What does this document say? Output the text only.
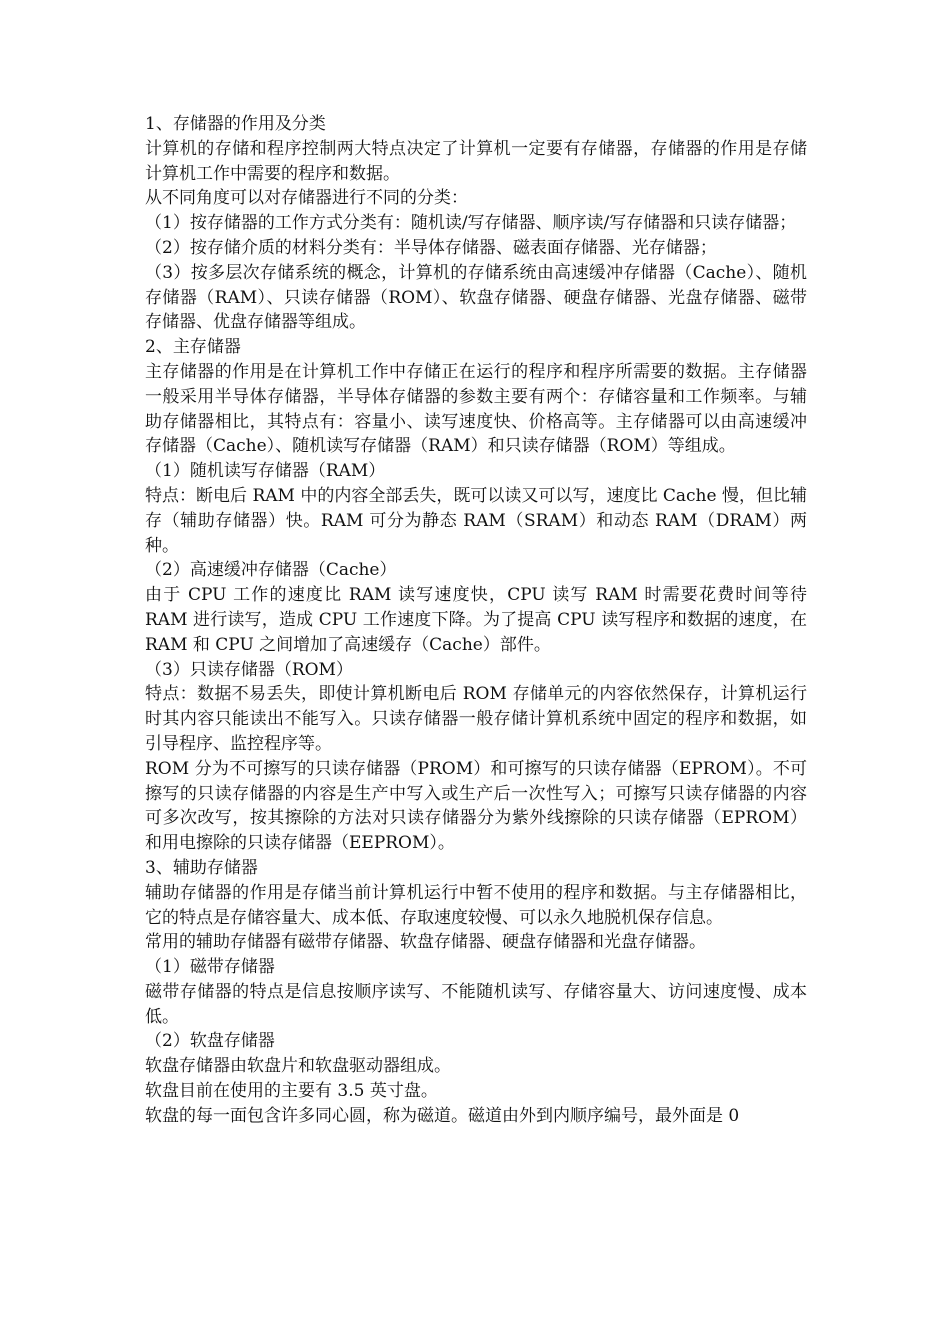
1、存储器的作用及分类

计算机的存储和程序控制两大特点决定了计算机一定要有存储器，存储器的作用是存储计算机工作中需要的程序和数据。

从不同角度可以对存储器进行不同的分类：

（1）按存储器的工作方式分类有：随机读/写存储器、顺序读/写存储器和只读存储器；

（2）按存储介质的材料分类有：半导体存储器、磁表面存储器、光存储器；

（3）按多层次存储系统的概念，计算机的存储系统由高速缓冲存储器（Cache）、随机存储器（RAM）、只读存储器（ROM）、软盘存储器、硬盘存储器、光盘存储器、磁带存储器、优盘存储器等组成。

2、主存储器

主存储器的作用是在计算机工作中存储正在运行的程序和程序所需要的数据。主存储器一般采用半导体存储器，半导体存储器的参数主要有两个：存储容量和工作频率。与辅助存储器相比，其特点有：容量小、读写速度快、价格高等。主存储器可以由高速缓冲存储器（Cache）、随机读写存储器（RAM）和只读存储器（ROM）等组成。

（1）随机读写存储器（RAM）

特点：断电后 RAM 中的内容全部丢失，既可以读又可以写，速度比 Cache 慢，但比辅存（辅助存储器）快。RAM 可分为静态 RAM（SRAM）和动态 RAM（DRAM）两种。

（2）高速缓冲存储器（Cache）

由于 CPU 工作的速度比 RAM 读写速度快，CPU 读写 RAM 时需要花费时间等待 RAM 进行读写，造成 CPU 工作速度下降。为了提高 CPU 读写程序和数据的速度，在 RAM 和 CPU 之间增加了高速缓存（Cache）部件。

（3）只读存储器（ROM）

特点：数据不易丢失，即使计算机断电后 ROM 存储单元的内容依然保存，计算机运行时其内容只能读出不能写入。只读存储器一般存储计算机系统中固定的程序和数据，如引导程序、监控程序等。

ROM 分为不可擦写的只读存储器（PROM）和可擦写的只读存储器（EPROM）。不可擦写的只读存储器的内容是生产中写入或生产后一次性写入；可擦写只读存储器的内容可多次改写，按其擦除的方法对只读存储器分为紫外线擦除的只读存储器（EPROM）和用电擦除的只读存储器（EEPROM）。

3、辅助存储器

辅助存储器的作用是存储当前计算机运行中暂不使用的程序和数据。与主存储器相比，它的特点是存储容量大、成本低、存取速度较慢、可以永久地脱机保存信息。

常用的辅助存储器有磁带存储器、软盘存储器、硬盘存储器和光盘存储器。

（1）磁带存储器

磁带存储器的特点是信息按顺序读写、不能随机读写、存储容量大、访问速度慢、成本低。

（2）软盘存储器

软盘存储器由软盘片和软盘驱动器组成。

软盘目前在使用的主要有 3.5 英寸盘。

软盘的每一面包含许多同心圆，称为磁道。磁道由外到内顺序编号，最外面是 0
